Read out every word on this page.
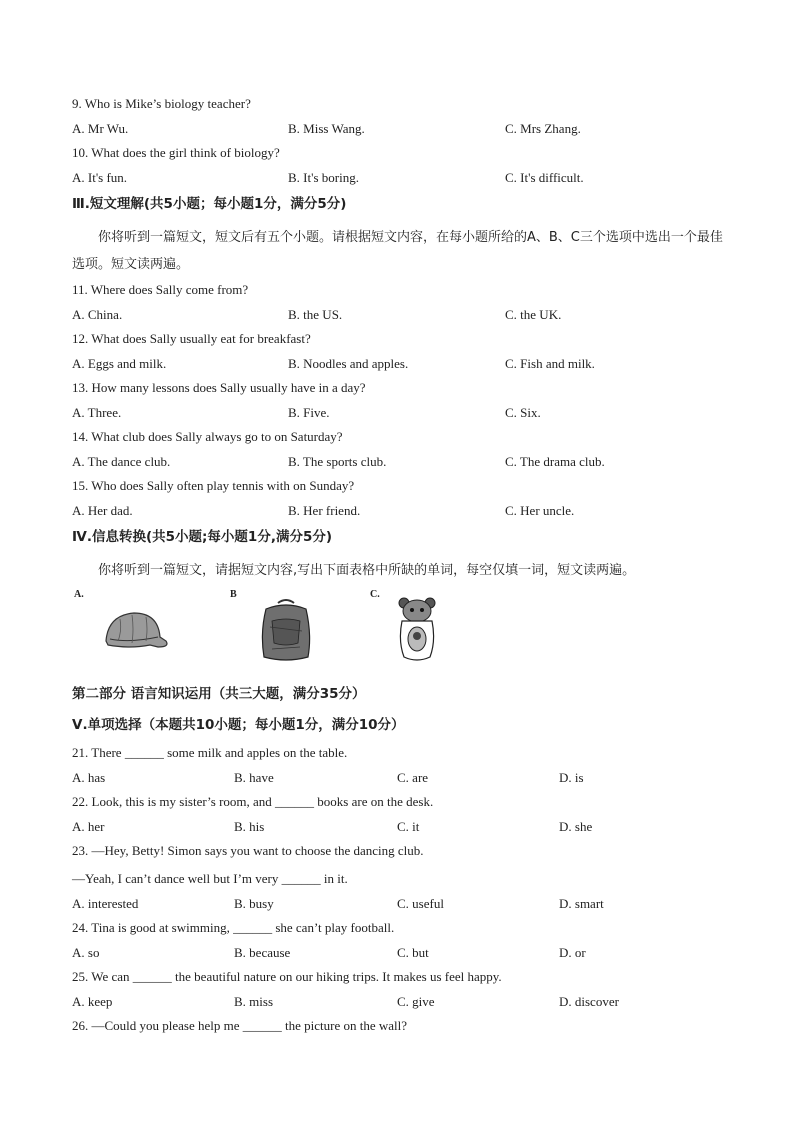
9. Who is Mike’s biology teacher?
A. Mr Wu.	B. Miss Wang.	C. Mrs Zhang.
10. What does the girl think of biology?
A. It's fun.	B. It's boring.	C. It's difficult.
Ⅲ.短文理解(共5小题；每小题1分，满分5分)
你将听到一篇短文，短文后有五个小题。请根据短文内容，在每小题所给的A、B、C三个选项中选出一个最佳选项。短文读两遍。
11. Where does Sally come from?
A. China.	B. the US.	C. the UK.
12. What does Sally usually eat for breakfast?
A. Eggs and milk.	B. Noodles and apples.	C. Fish and milk.
13. How many lessons does Sally usually have in a day?
A. Three.	B. Five.	C. Six.
14. What club does Sally always go to on Saturday?
A. The dance club.	B. The sports club.	C. The drama club.
15. Who does Sally often play tennis with on Sunday?
A. Her dad.	B. Her friend.	C. Her uncle.
Ⅳ.信息转换(共5小题;每小题1分,满分5分)
你将听到一篇短文，请据短文内容,写出下面表格中所缺的单词，每空仅填一词，短文读两遍。
A.	B	C.
第二部分 语言知识运用（共三大题，满分35分）
Ⅴ.单项选择（本题共10小题；每小题1分，满分10分）
21. There ______ some milk and apples on the table.
A. has	B. have	C. are	D. is
22. Look, this is my sister’s room, and ______ books are on the desk.
A. her	B. his	C. it	D. she
23. —Hey, Betty! Simon says you want to choose the dancing club.
—Yeah, I can’t dance well but I’m very ______ in it.
A. interested	B. busy	C. useful	D. smart
24. Tina is good at swimming, ______ she can’t play football.
A. so	B. because	C. but	D. or
25. We can ______ the beautiful nature on our hiking trips. It makes us feel happy.
A. keep	B. miss	C. give	D. discover
26. —Could you please help me ______ the picture on the wall?
